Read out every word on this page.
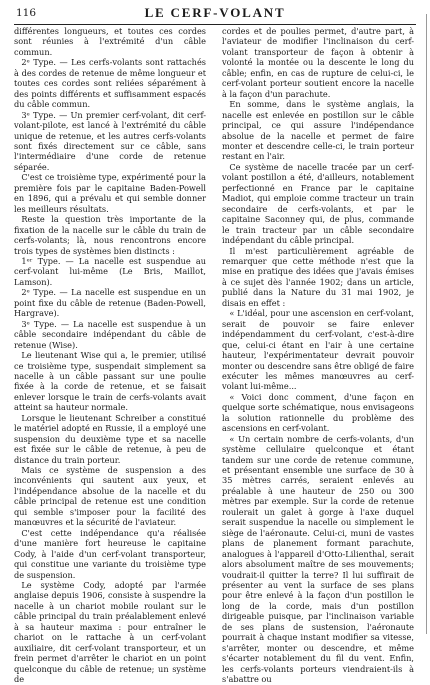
116	LE CERF-VOLANT

différentes longueurs, et toutes ces cordes sont réunies à l'extrémité d'un câble commun.

2ᵉ Type. — Les cerfs-volants sont rattachés à des cordes de retenue de même longueur et toutes ces cordes sont reliées séparément à des points différents et suffisamment espacés du câble commun.

3ᵉ Type. — Un premier cerf-volant, dit cerf-volant-pilote, est lancé à l'extrémité du câble unique de retenue, et les autres cerfs-volants sont fixés directement sur ce câble, sans l'intermédiaire d'une corde de retenue séparée.

C'est ce troisième type, expérimenté pour la première fois par le capitaine Baden-Powell en 1896, qui a prévalu et qui semble donner les meilleurs résultats.

Reste la question très importante de la fixation de la nacelle sur le câble du train de cerfs-volants; là, nous rencontrons encore trois types de systèmes bien distincts :

1ᵉʳ Type. — La nacelle est suspendue au cerf-volant lui-même (Le Bris, Maillot, Lamson).

2ᵉ Type. — La nacelle est suspendue en un point fixe du câble de retenue (Baden-Powell, Hargrave).

3ᵉ Type. — La nacelle est suspendue à un câble secondaire indépendant du câble de retenue (Wise).

Le lieutenant Wise qui a, le premier, utilisé ce troisième type, suspendait simplement sa nacelle à un câble passant sur une poulie fixée à la corde de retenue, et se faisait enlever lorsque le train de cerfs-volants avait atteint sa hauteur normale.

Lorsque le lieutenant Schreiber a constitué le matériel adopté en Russie, il a employé une suspension du deuxième type et sa nacelle est fixée sur le câble de retenue, à peu de distance du train porteur.

Mais ce système de suspension a des inconvénients qui sautent aux yeux, et l'indépendance absolue de la nacelle et du câble principal de retenue est une condition qui semble s'imposer pour la facilité des manœuvres et la sécurité de l'aviateur.

C'est cette indépendance qu'a réalisée d'une manière fort heureuse le capitaine Cody, à l'aide d'un cerf-volant transporteur, qui constitue une variante du troisième type de suspension.

Le système Cody, adopté par l'armée anglaise depuis 1906, consiste à suspendre la nacelle à un chariot mobile roulant sur le câble principal du train préalablement enlevé à sa hauteur maxima : pour entraîner le chariot on le rattache à un cerf-volant auxiliaire, dit cerf-volant transporteur, et un frein permet d'arrêter le chariot en un point quelconque du câble de retenue; un système de

cordes et de poulies permet, d'autre part, à l'aviateur de modifier l'inclinaison du cerf-volant transporteur de façon à obtenir à volonté la montée ou la descente le long du câble; enfin, en cas de rupture de celui-ci, le cerf-volant porteur soutient encore la nacelle à la façon d'un parachute.

En somme, dans le système anglais, la nacelle est enlevée en postillon sur le câble principal, ce qui assure l'indépendance absolue de la nacelle et permet de faire monter et descendre celle-ci, le train porteur restant en l'air.

Ce système de nacelle tracée par un cerf-volant postillon a été, d'ailleurs, notablement perfectionné en France par le capitaine Madiot, qui emploie comme tracteur un train secondaire de cerfs-volants, et par le capitaine Saconney qui, de plus, commande le train tracteur par un câble secondaire indépendant du câble principal.

Il m'est particulièrement agréable de remarquer que cette méthode n'est que la mise en pratique des idées que j'avais émises à ce sujet dès l'année 1902; dans un article, publié dans la Nature du 31 mai 1902, je disais en effet :

« L'idéal, pour une ascension en cerf-volant, serait de pouvoir se faire enlever indépendamment du cerf-volant, c'est-à-dire que, celui-ci étant en l'air à une certaine hauteur, l'expérimentateur devrait pouvoir monter ou descendre sans être obligé de faire exécuter les mêmes manœuvres au cerf-volant lui-même...

« Voici donc comment, d'une façon en quelque sorte schématique, nous envisageons la solution rationnelle du problème des ascensions en cerf-volant.

« Un certain nombre de cerfs-volants, d'un système cellulaire quelconque et étant tandem sur une corde de retenue commune, et présentant ensemble une surface de 30 à 35 mètres carrés, seraient enlevés au préalable à une hauteur de 250 ou 300 mètres par exemple. Sur la corde de retenue roulerait un galet à gorge à l'axe duquel serait suspendue la nacelle ou simplement le siège de l'aéronaute. Celui-ci, muni de vastes plans de planement formant parachute, analogues à l'appareil d'Otto-Lilienthal, serait alors absolument maître de ses mouvements; voudrait-il quitter la terre? Il lui suffirait de présenter au vent la surface de ses plans pour être enlevé à la façon d'un postillon le long de la corde, mais d'un postillon dirigeable puisque, par l'inclinaison variable de ses plans de sustension, l'aéronaute pourrait à chaque instant modifier sa vitesse, s'arrêter, monter ou descendre, et même s'écarter notablement du fil du vent. Enfin, les cerfs-volants porteurs viendraient-ils à s'abattre ou
